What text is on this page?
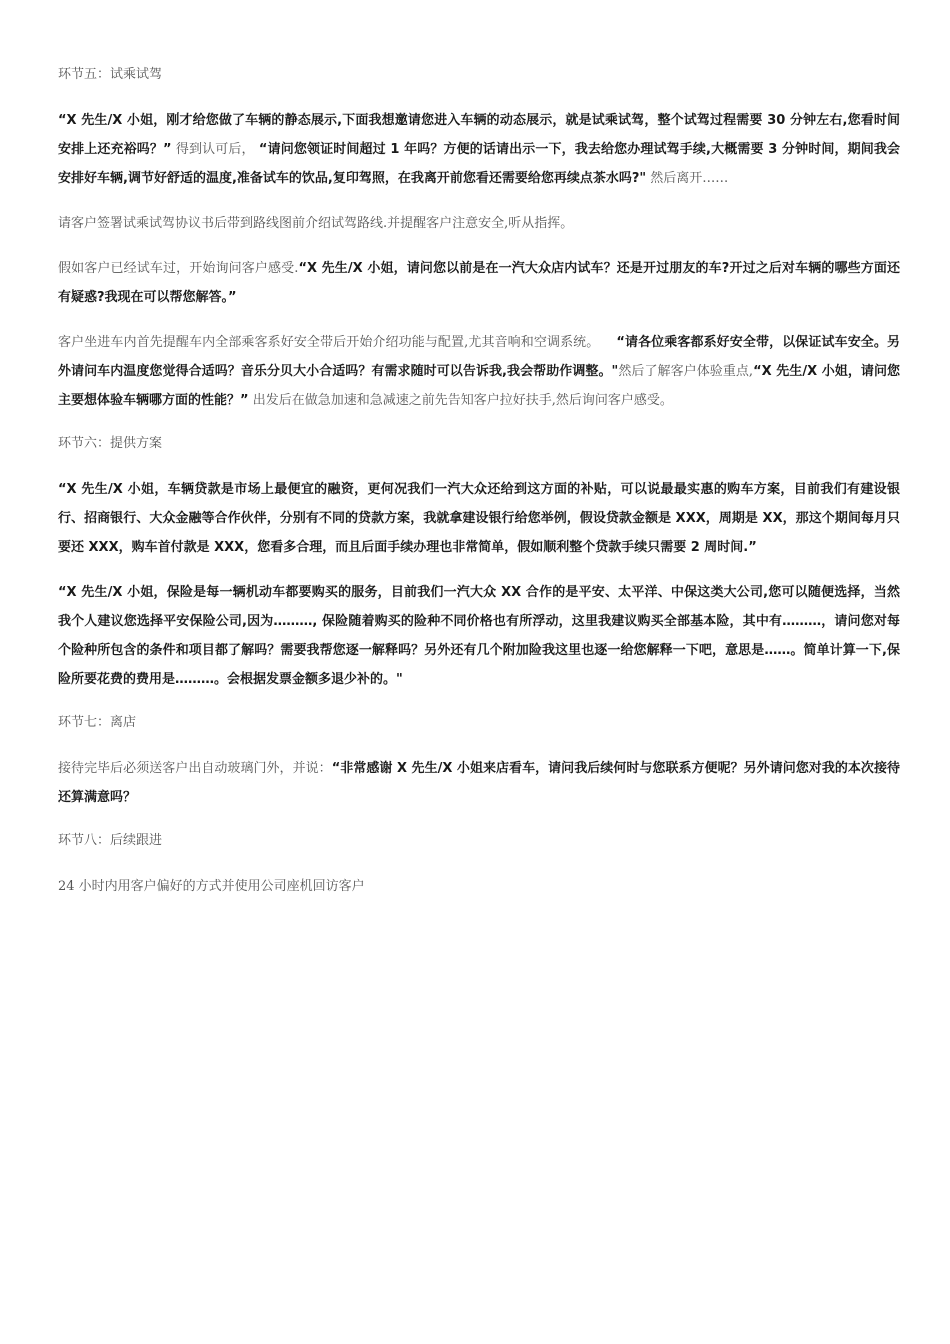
环节五：试乘试驾

“X 先生/X 小姐，刚才给您做了车辆的静态展示,下面我想邀请您进入车辆的动态展示，就是试乘试驾，整个试驾过程需要 30 分钟左右,您看时间安排上还充裕吗？” 得到认可后， “请问您领证时间超过 1 年吗？方便的话请出示一下，我去给您办理试驾手续,大概需要 3 分钟时间，期间我会安排好车辆,调节好舒适的温度,准备试车的饮品,复印驾照，在我离开前您看还需要给您再续点茶水吗?" 然后离开……

请客户签署试乘试驾协议书后带到路线图前介绍试驾路线.并提醒客户注意安全,听从指挥。

假如客户已经试车过，开始询问客户感受.“X 先生/X 小姐，请问您以前是在一汽大众店内试车？还是开过朋友的车?开过之后对车辆的哪些方面还有疑惑?我现在可以帮您解答。”

客户坐进车内首先提醒车内全部乘客系好安全带后开始介绍功能与配置,尤其音响和空调系统。 “请各位乘客都系好安全带，以保证试车安全。另外请问车内温度您觉得合适吗？音乐分贝大小合适吗？有需求随时可以告诉我,我会帮助作调整。"然后了解客户体验重点,“X 先生/X 小姐，请问您主要想体验车辆哪方面的性能？” 出发后在做急加速和急减速之前先告知客户拉好扶手,然后询问客户感受。

环节六：提供方案

“X 先生/X 小姐，车辆贷款是市场上最便宜的融资，更何况我们一汽大众还给到这方面的补贴，可以说最最实惠的购车方案，目前我们有建设银行、招商银行、大众金融等合作伙伴，分别有不同的贷款方案，我就拿建设银行给您举例，假设贷款金额是 XXX，周期是 XX，那这个期间每月只要还 XXX，购车首付款是 XXX，您看多合理，而且后面手续办理也非常简单，假如顺利整个贷款手续只需要 2 周时间.”

“X 先生/X 小姐，保险是每一辆机动车都要购买的服务，目前我们一汽大众 XX 合作的是平安、太平洋、中保这类大公司,您可以随便选择，当然我个人建议您选择平安保险公司,因为………, 保险随着购买的险种不同价格也有所浮动，这里我建议购买全部基本险，其中有………，请问您对每个险种所包含的条件和项目都了解吗？需要我帮您逐一解释吗？另外还有几个附加险我这里也逐一给您解释一下吧，意思是……。简单计算一下,保险所要花费的费用是………。会根据发票金额多退少补的。"

环节七：离店

接待完毕后必须送客户出自动玻璃门外，并说：“非常感谢 X 先生/X 小姐来店看车，请问我后续何时与您联系方便呢？另外请问您对我的本次接待还算满意吗？

环节八：后续跟进

24 小时内用客户偏好的方式并使用公司座机回访客户
